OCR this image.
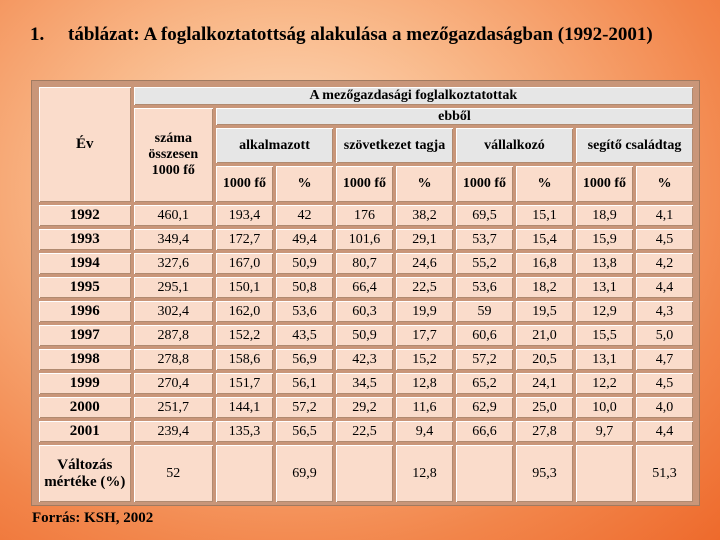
1.	táblázat: A foglalkoztatottság alakulása a mezőgazdaságban (1992-2001)
Év	A mezőgazdasági foglalkoztatottak								
	száma összesen 1000 fő	ebből							
		alkalmazott		szövetkezet tagja		vállalkozó		segítő családtag	
		1000 fő	%	1000 fő	%	1000 fő	%	1000 fő	%
1992	460,1	193,4	42	176	38,2	69,5	15,1	18,9	4,1
1993	349,4	172,7	49,4	101,6	29,1	53,7	15,4	15,9	4,5
1994	327,6	167,0	50,9	80,7	24,6	55,2	16,8	13,8	4,2
1995	295,1	150,1	50,8	66,4	22,5	53,6	18,2	13,1	4,4
1996	302,4	162,0	53,6	60,3	19,9	59	19,5	12,9	4,3
1997	287,8	152,2	43,5	50,9	17,7	60,6	21,0	15,5	5,0
1998	278,8	158,6	56,9	42,3	15,2	57,2	20,5	13,1	4,7
1999	270,4	151,7	56,1	34,5	12,8	65,2	24,1	12,2	4,5
2000	251,7	144,1	57,2	29,2	11,6	62,9	25,0	10,0	4,0
2001	239,4	135,3	56,5	22,5	9,4	66,6	27,8	9,7	4,4
Változás mértéke (%)	52		69,9		12,8		95,3		51,3
Forrás: KSH, 2002
